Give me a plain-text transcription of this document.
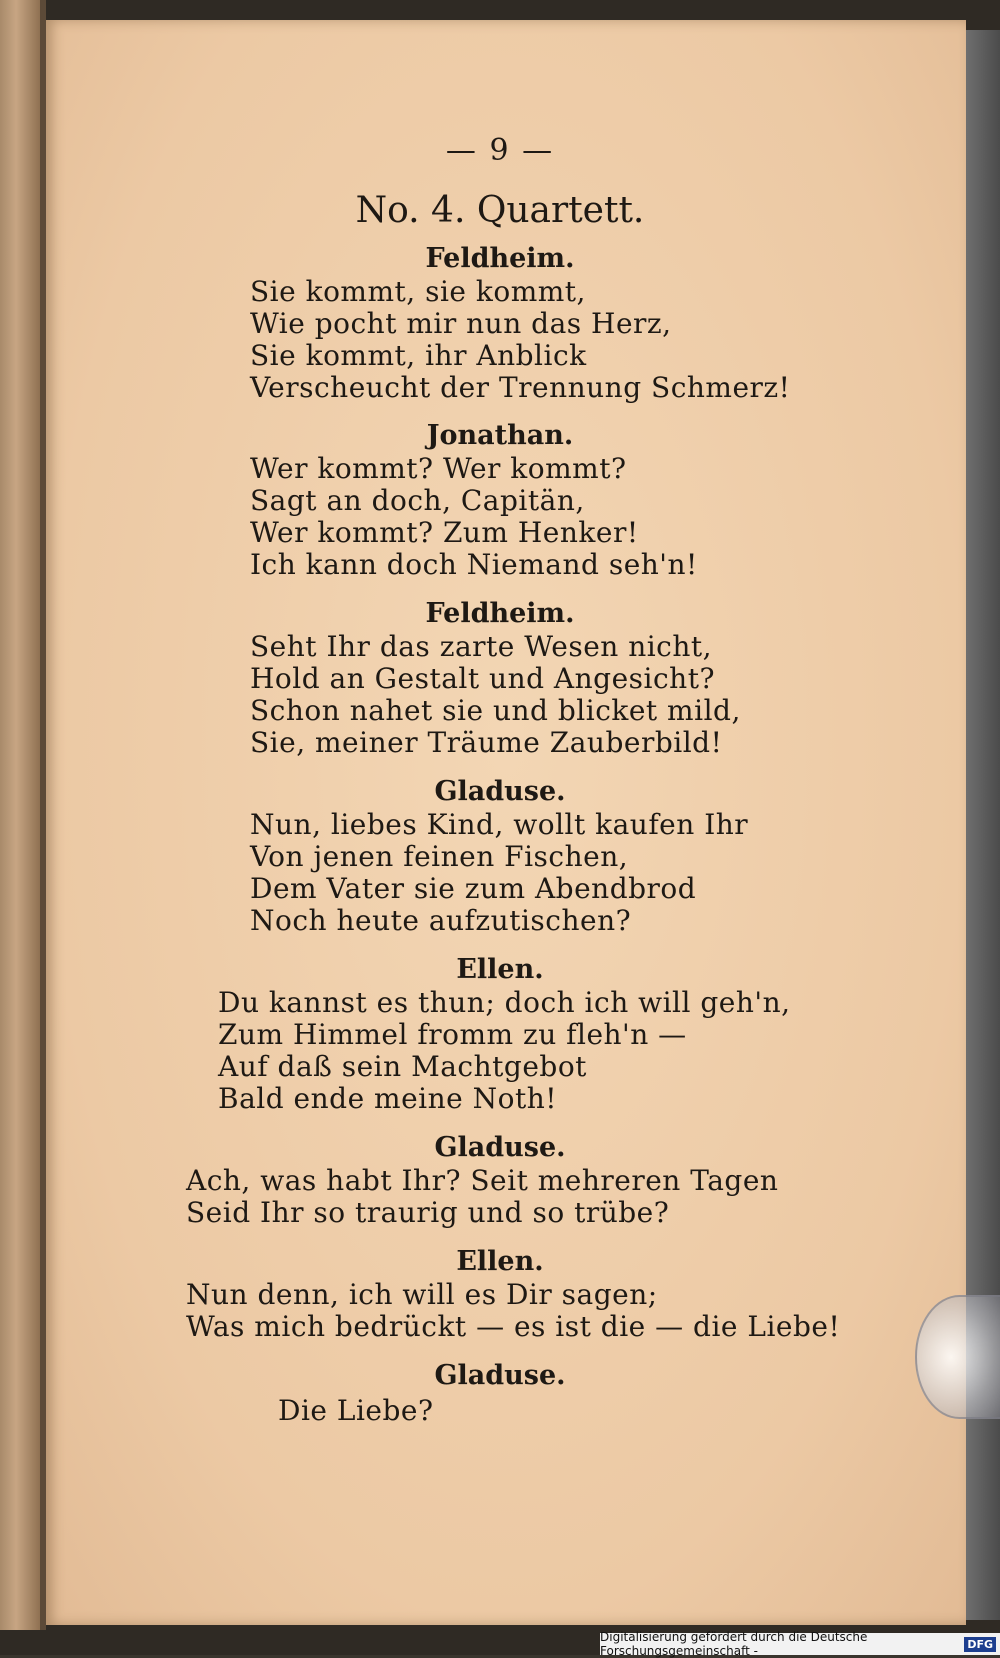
— 9 —
No. 4. Quartett.
Feldheim.
Sie kommt, sie kommt,
Wie pocht mir nun das Herz,
Sie kommt, ihr Anblick
Verscheucht der Trennung Schmerz!
Jonathan.
Wer kommt? Wer kommt?
Sagt an doch, Capitän,
Wer kommt? Zum Henker!
Ich kann doch Niemand seh'n!
Feldheim.
Seht Ihr das zarte Wesen nicht,
Hold an Gestalt und Angesicht?
Schon nahet sie und blicket mild,
Sie, meiner Träume Zauberbild!
Gladuse.
Nun, liebes Kind, wollt kaufen Ihr
Von jenen feinen Fischen,
Dem Vater sie zum Abendbrod
Noch heute aufzutischen?
Ellen.
Du kannst es thun; doch ich will geh'n,
Zum Himmel fromm zu fleh'n —
Auf daß sein Machtgebot
Bald ende meine Noth!
Gladuse.
Ach, was habt Ihr? Seit mehreren Tagen
Seid Ihr so traurig und so trübe?
Ellen.
Nun denn, ich will es Dir sagen;
Was mich bedrückt — es ist die — die Liebe!
Gladuse.
Die Liebe?
Digitalisierung gefördert durch die Deutsche Forschungsgemeinschaft -	DFG
